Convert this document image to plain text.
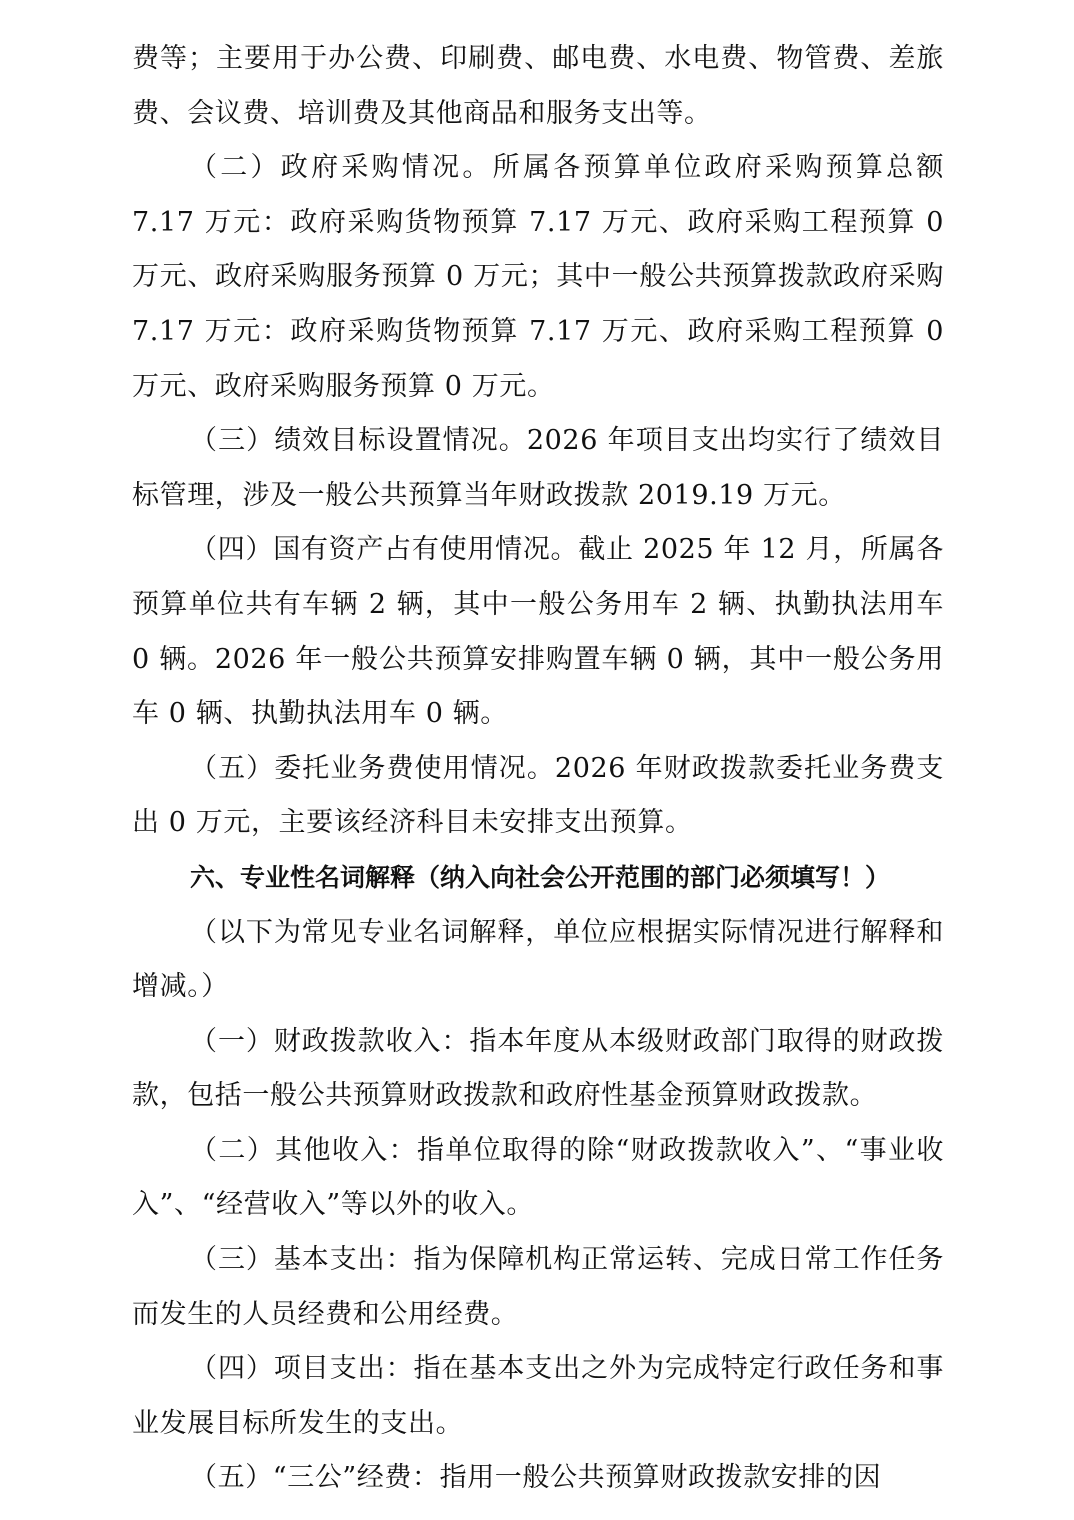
费等；主要用于办公费、印刷费、邮电费、水电费、物管费、差旅费、会议费、培训费及其他商品和服务支出等。

（二）政府采购情况。所属各预算单位政府采购预算总额 7.17 万元：政府采购货物预算 7.17 万元、政府采购工程预算 0 万元、政府采购服务预算 0 万元；其中一般公共预算拨款政府采购 7.17 万元：政府采购货物预算 7.17 万元、政府采购工程预算 0 万元、政府采购服务预算 0 万元。

（三）绩效目标设置情况。2026 年项目支出均实行了绩效目标管理，涉及一般公共预算当年财政拨款 2019.19 万元。

（四）国有资产占有使用情况。截止 2025 年 12 月，所属各预算单位共有车辆 2 辆，其中一般公务用车 2 辆、执勤执法用车 0 辆。2026 年一般公共预算安排购置车辆 0 辆，其中一般公务用车 0 辆、执勤执法用车 0 辆。

（五）委托业务费使用情况。2026 年财政拨款委托业务费支出 0 万元，主要该经济科目未安排支出预算。

六、专业性名词解释（纳入向社会公开范围的部门必须填写！）

（以下为常见专业名词解释，单位应根据实际情况进行解释和增减。）

（一）财政拨款收入：指本年度从本级财政部门取得的财政拨款，包括一般公共预算财政拨款和政府性基金预算财政拨款。

（二）其他收入：指单位取得的除“财政拨款收入”、“事业收入”、“经营收入”等以外的收入。

（三）基本支出：指为保障机构正常运转、完成日常工作任务而发生的人员经费和公用经费。

（四）项目支出：指在基本支出之外为完成特定行政任务和事业发展目标所发生的支出。

（五）“三公”经费：指用一般公共预算财政拨款安排的因
